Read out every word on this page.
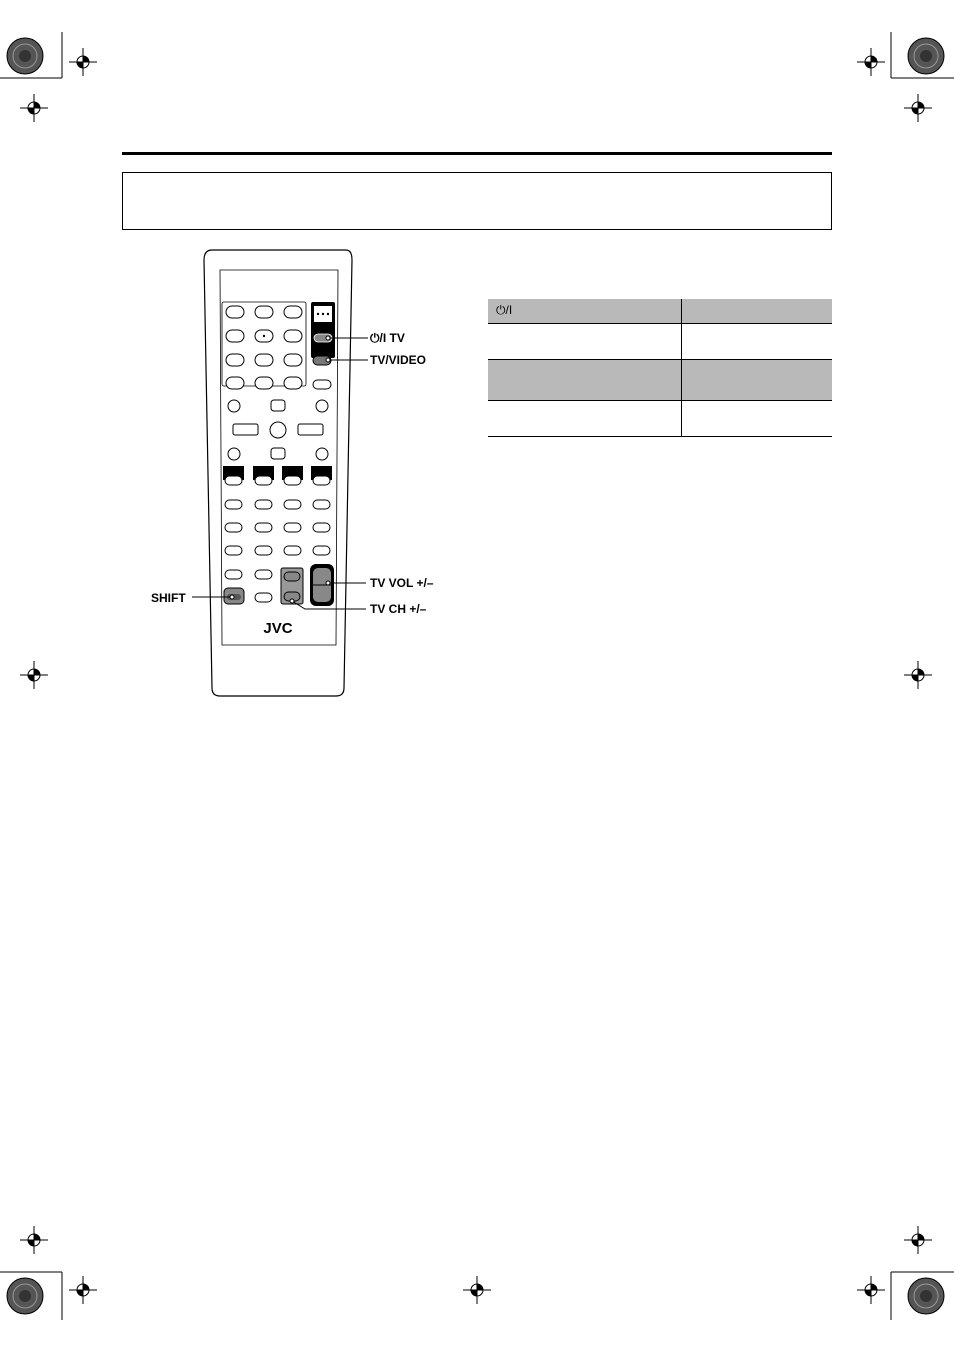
JVC
⏻/I TV
TV/VIDEO
SHIFT
TV VOL +/–
TV CH +/–
⏻/I	
